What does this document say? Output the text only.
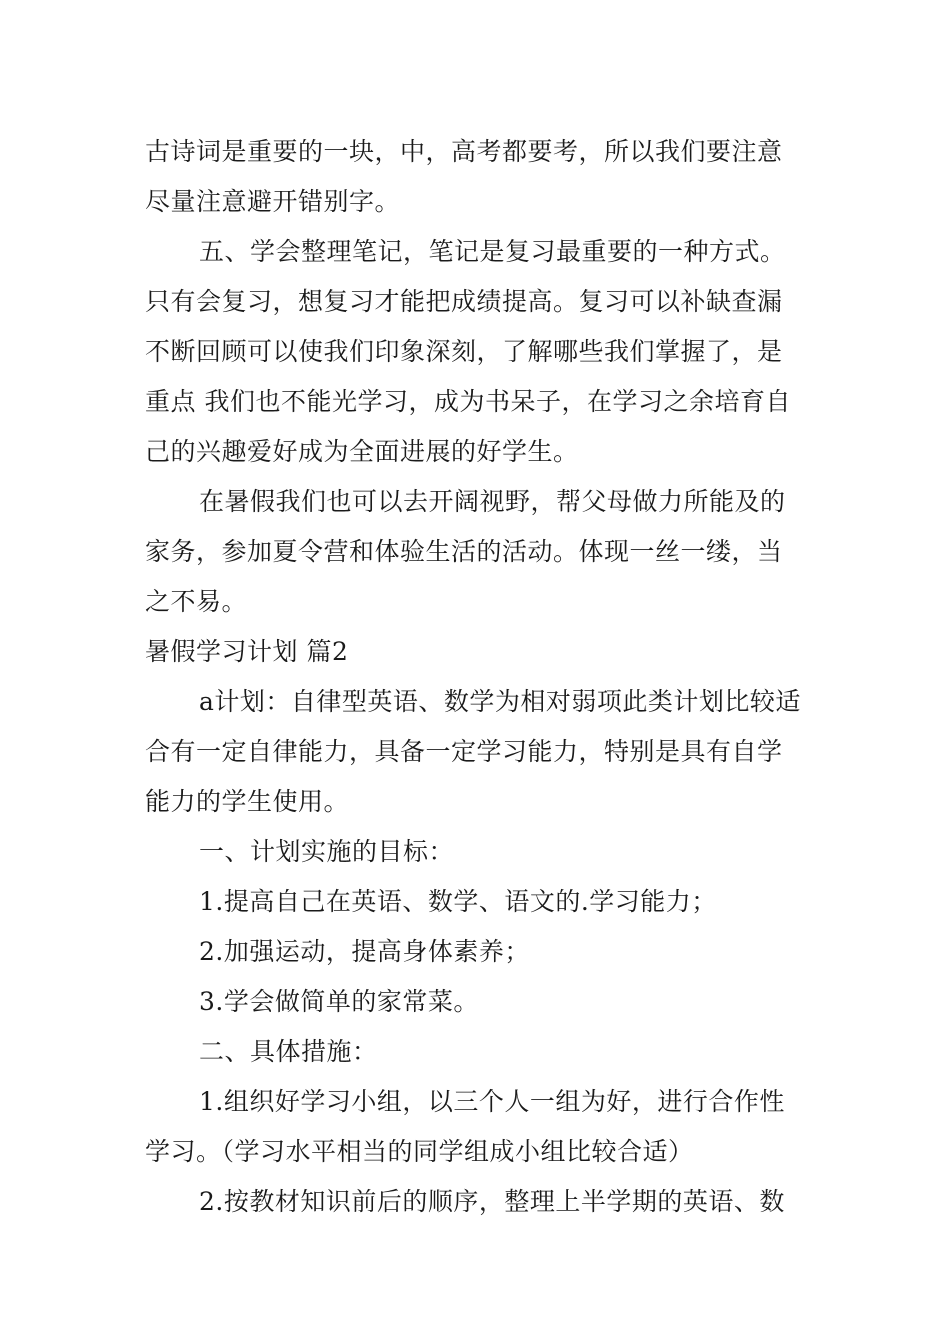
古诗词是重要的一块，中，高考都要考，所以我们要注意

尽量注意避开错别字。

五、学会整理笔记，笔记是复习最重要的一种方式。

只有会复习，想复习才能把成绩提高。复习可以补缺查漏

不断回顾可以使我们印象深刻，了解哪些我们掌握了，是

重点 我们也不能光学习，成为书呆子，在学习之余培育自

己的兴趣爱好成为全面进展的好学生。

在暑假我们也可以去开阔视野，帮父母做力所能及的

家务，参加夏令营和体验生活的活动。体现一丝一缕，当

之不易。

暑假学习计划 篇2

a计划：自律型英语、数学为相对弱项此类计划比较适

合有一定自律能力，具备一定学习能力，特别是具有自学

能力的学生使用。

一、计划实施的目标：

1.提高自己在英语、数学、语文的.学习能力；

2.加强运动，提高身体素养；

3.学会做简单的家常菜。

二、具体措施：

1.组织好学习小组，以三个人一组为好，进行合作性

学习。（学习水平相当的同学组成小组比较合适）

2.按教材知识前后的顺序，整理上半学期的英语、数
